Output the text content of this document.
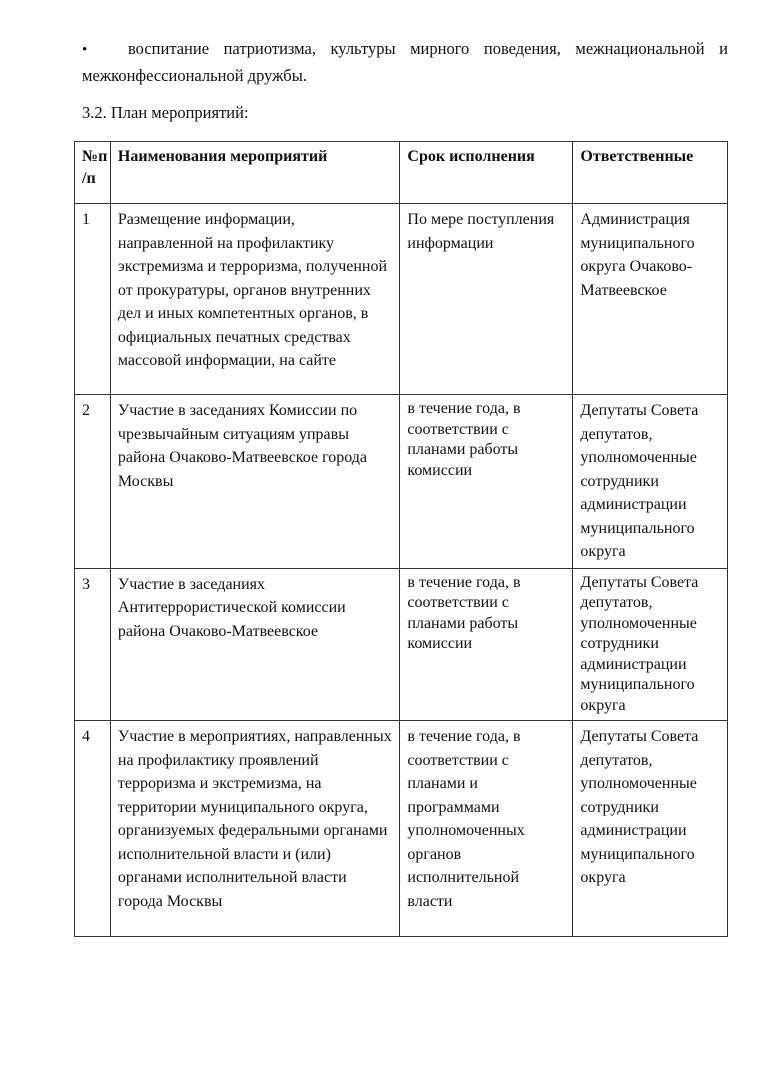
• воспитание патриотизма, культуры мирного поведения, межнациональной и межконфессиональной дружбы.
3.2. План мероприятий:
№п /п	Наименования мероприятий	Срок исполнения	Ответственные
1	Размещение информации, направленной на профилактику экстремизма и терроризма, полученной от прокуратуры, органов внутренних дел и иных компетентных органов, в официальных печатных средствах массовой информации, на сайте	По мере поступления информации	Администрация муниципального округа Очаково-Матвеевское
2	Участие в заседаниях Комиссии по чрезвычайным ситуациям управы района Очаково-Матвеевское города Москвы	в течение года, в соответствии с планами работы комиссии	Депутаты Совета депутатов, уполномоченные сотрудники администрации муниципального округа
3	Участие в заседаниях Антитеррористической комиссии района Очаково-Матвеевское	в течение года, в соответствии с планами работы комиссии	Депутаты Совета депутатов, уполномоченные сотрудники администрации муниципального округа
4	Участие в мероприятиях, направленных на профилактику проявлений терроризма и экстремизма, на территории муниципального округа, организуемых федеральными органами исполнительной власти и (или) органами исполнительной власти города Москвы	в течение года, в соответствии с планами и программами уполномоченных органов исполнительной власти	Депутаты Совета депутатов, уполномоченные сотрудники администрации муниципального округа
